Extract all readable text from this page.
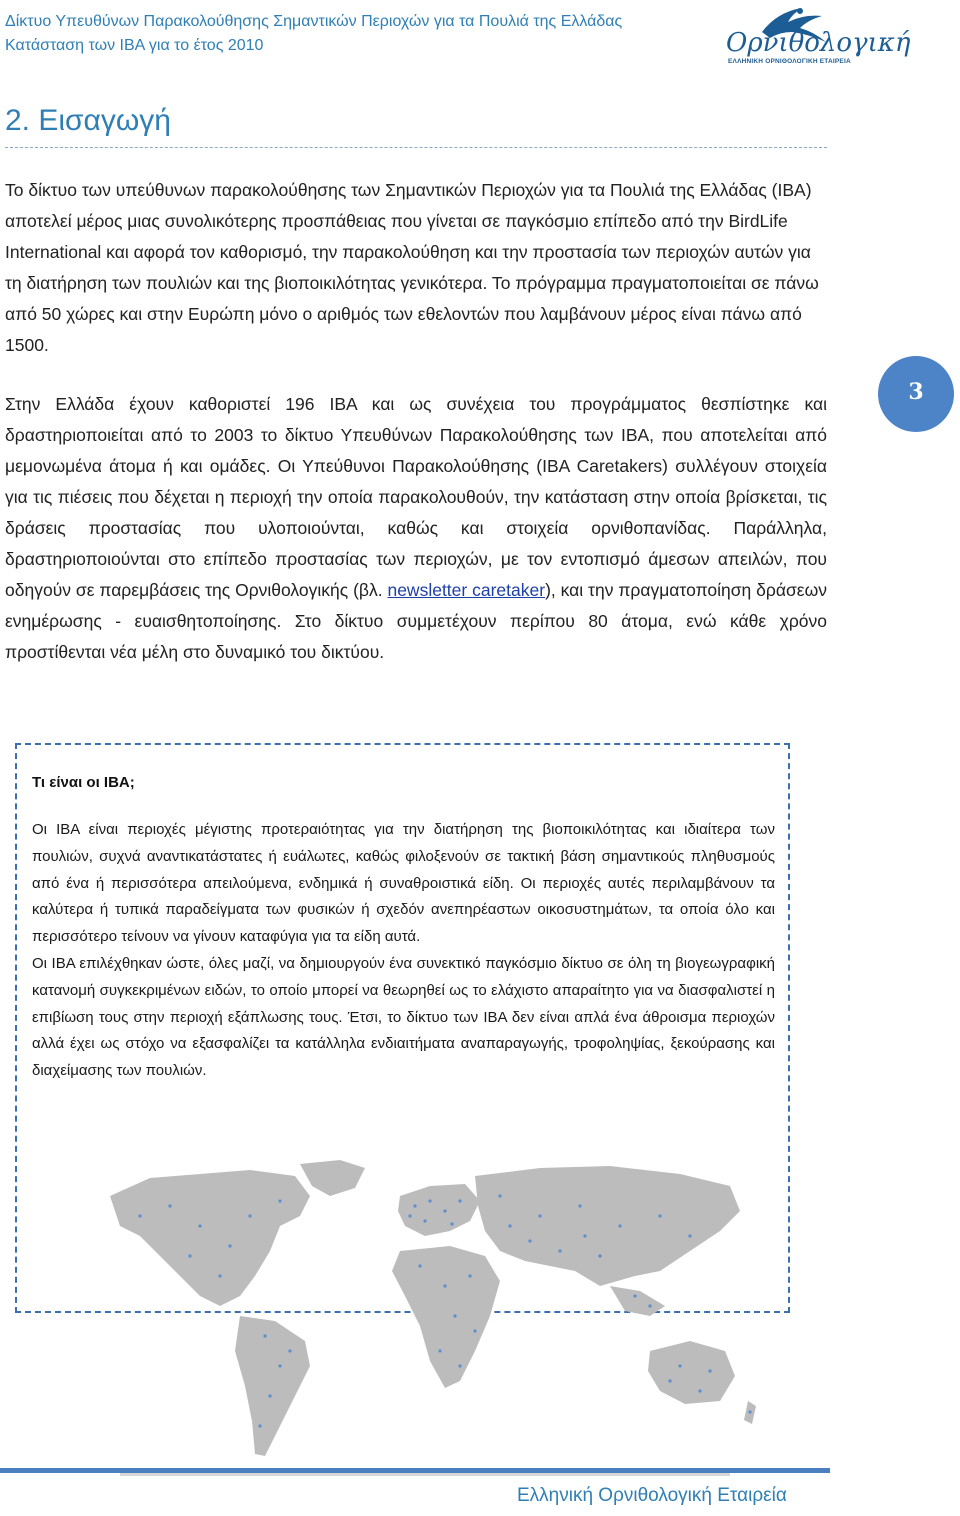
Δίκτυο Υπευθύνων Παρακολούθησης Σημαντικών Περιοχών για τα Πουλιά της Ελλάδας
Κατάσταση των ΙΒΑ για το έτος 2010	Ορνιθολογική
ΕΛΛΗΝΙΚΗ ΟΡΝΙΘΟΛΟΓΙΚΗ ΕΤΑΙΡΕΙΑ
2. Εισαγωγή
Το δίκτυο των υπεύθυνων παρακολούθησης των Σημαντικών Περιοχών για τα Πουλιά της Ελλάδας (ΙΒΑ) αποτελεί μέρος μιας συνολικότερης προσπάθειας που γίνεται σε παγκόσμιο επίπεδο από την BirdLife International και αφορά τον καθορισμό, την παρακολούθηση και την προστασία των περιοχών αυτών για τη διατήρηση των πουλιών και της βιοποικιλότητας γενικότερα. Το πρόγραμμα πραγματοποιείται σε πάνω από 50 χώρες και στην Ευρώπη μόνο ο αριθμός των εθελοντών που λαμβάνουν μέρος είναι πάνω από 1500.
Στην Ελλάδα έχουν καθοριστεί 196 ΙΒΑ και ως συνέχεια του προγράμματος θεσπίστηκε και δραστηριοποιείται από το 2003 το δίκτυο Υπευθύνων Παρακολούθησης των ΙΒΑ, που αποτελείται από μεμονωμένα άτομα ή και ομάδες. Οι Υπεύθυνοι Παρακολούθησης (ΙΒΑ Caretakers) συλλέγουν στοιχεία για τις πιέσεις που δέχεται η περιοχή την οποία παρακολουθούν, την κατάσταση στην οποία βρίσκεται, τις δράσεις προστασίας που υλοποιούνται, καθώς και στοιχεία ορνιθοπανίδας. Παράλληλα, δραστηριοποιούνται στο επίπεδο προστασίας των περιοχών, με τον εντοπισμό άμεσων απειλών, που οδηγούν σε παρεμβάσεις της Ορνιθολογικής (βλ. newsletter caretaker), και την πραγματοποίηση δράσεων ενημέρωσης - ευαισθητοποίησης. Στο δίκτυο συμμετέχουν περίπου 80 άτομα, ενώ κάθε χρόνο προστίθενται νέα μέλη στο δυναμικό του δικτύου.
3
Τι είναι οι ΙΒΑ;
Οι ΙΒΑ είναι περιοχές μέγιστης προτεραιότητας για την διατήρηση της βιοποικιλότητας και ιδιαίτερα των πουλιών, συχνά αναντικατάστατες ή ευάλωτες, καθώς φιλοξενούν σε τακτική βάση σημαντικούς πληθυσμούς από ένα ή περισσότερα απειλούμενα, ενδημικά ή συναθροιστικά είδη. Οι περιοχές αυτές περιλαμβάνουν τα καλύτερα ή τυπικά παραδείγματα των φυσικών ή σχεδόν ανεπηρέαστων οικοσυστημάτων, τα οποία όλο και περισσότερο τείνουν να γίνουν καταφύγια για τα είδη αυτά.
Οι ΙΒΑ επιλέχθηκαν ώστε, όλες μαζί, να δημιουργούν ένα συνεκτικό παγκόσμιο δίκτυο σε όλη τη βιογεωγραφική κατανομή συγκεκριμένων ειδών, το οποίο μπορεί να θεωρηθεί ως το ελάχιστο απαραίτητο για να διασφαλιστεί η επιβίωση τους στην περιοχή εξάπλωσης τους. Έτσι, το δίκτυο των ΙΒΑ δεν είναι απλά ένα άθροισμα περιοχών αλλά έχει ως στόχο να εξασφαλίζει τα κατάλληλα ενδιαιτήματα αναπαραγωγής, τροφοληψίας, ξεκούρασης και διαχείμασης των πουλιών.
Ελληνική Ορνιθολογική Εταιρεία
